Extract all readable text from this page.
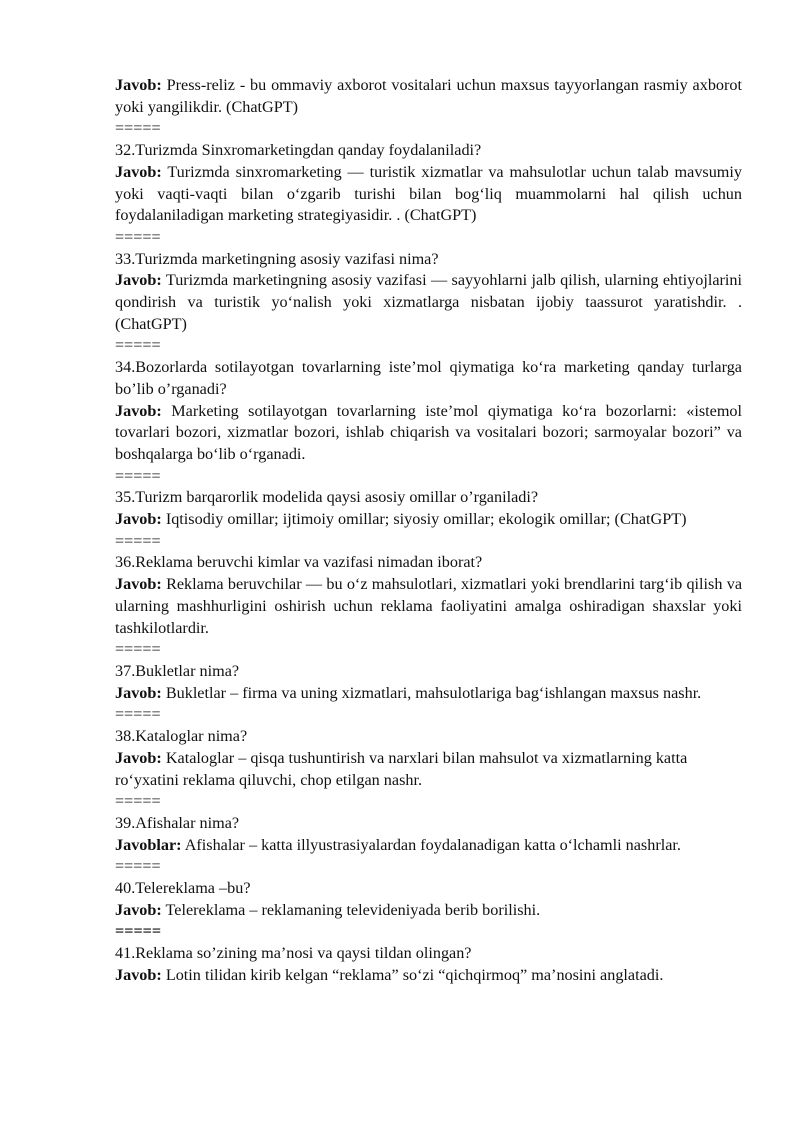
Javob: Press-reliz - bu ommaviy axborot vositalari uchun maxsus tayyorlangan rasmiy axborot yoki yangilikdir. (ChatGPT)

=====

32.Turizmda Sinxromarketingdan qanday foydalaniladi?

Javob: Turizmda sinxromarketing — turistik xizmatlar va mahsulotlar uchun talab mavsumiy yoki vaqti-vaqti bilan o‘zgarib turishi bilan bog‘liq muammolarni hal qilish uchun foydalaniladigan marketing strategiyasidir. . (ChatGPT)

=====

33.Turizmda marketingning asosiy vazifasi nima?

Javob: Turizmda marketingning asosiy vazifasi — sayyohlarni jalb qilish, ularning ehtiyojlarini qondirish va turistik yo‘nalish yoki xizmatlarga nisbatan ijobiy taassurot yaratishdir. . (ChatGPT)

=====

34.Bozorlarda sotilayotgan tovarlarning iste’mol qiymatiga ko‘ra marketing qanday turlarga bo’lib o’rganadi?

Javob: Marketing sotilayotgan tovarlarning iste’mol qiymatiga ko‘ra bozorlarni: «istemol tovarlari bozori, xizmatlar bozori, ishlab chiqarish va vositalari bozori; sarmoyalar bozori” va boshqalarga bo‘lib o‘rganadi.

=====

35.Turizm barqarorlik modelida qaysi asosiy omillar o’rganiladi?

Javob: Iqtisodiy omillar; ijtimoiy omillar; siyosiy omillar; ekologik omillar; (ChatGPT)

=====

36.Reklama beruvchi kimlar va vazifasi nimadan iborat?

Javob: Reklama beruvchilar — bu o‘z mahsulotlari, xizmatlari yoki brendlarini targ‘ib qilish va ularning mashhurligini oshirish uchun reklama faoliyatini amalga oshiradigan shaxslar yoki tashkilotlardir.

=====

37.Bukletlar nima?

Javob: Bukletlar – firma va uning xizmatlari, mahsulotlariga bag‘ishlangan maxsus nashr.

=====

38.Kataloglar nima?

Javob: Kataloglar – qisqa tushuntirish va narxlari bilan mahsulot va xizmatlarning katta ro‘yxatini reklama qiluvchi, chop etilgan nashr.

=====

39.Afishalar nima?

Javoblar: Afishalar – katta illyustrasiyalardan foydalanadigan katta o‘lchamli nashrlar.

=====

40.Telereklama –bu?

Javob: Telereklama – reklamaning televideniyada berib borilishi.

=====

41.Reklama so’zining ma’nosi va qaysi tildan olingan?

Javob: Lotin tilidan kirib kelgan “reklama” so‘zi “qichqirmoq” ma’nosini anglatadi.
